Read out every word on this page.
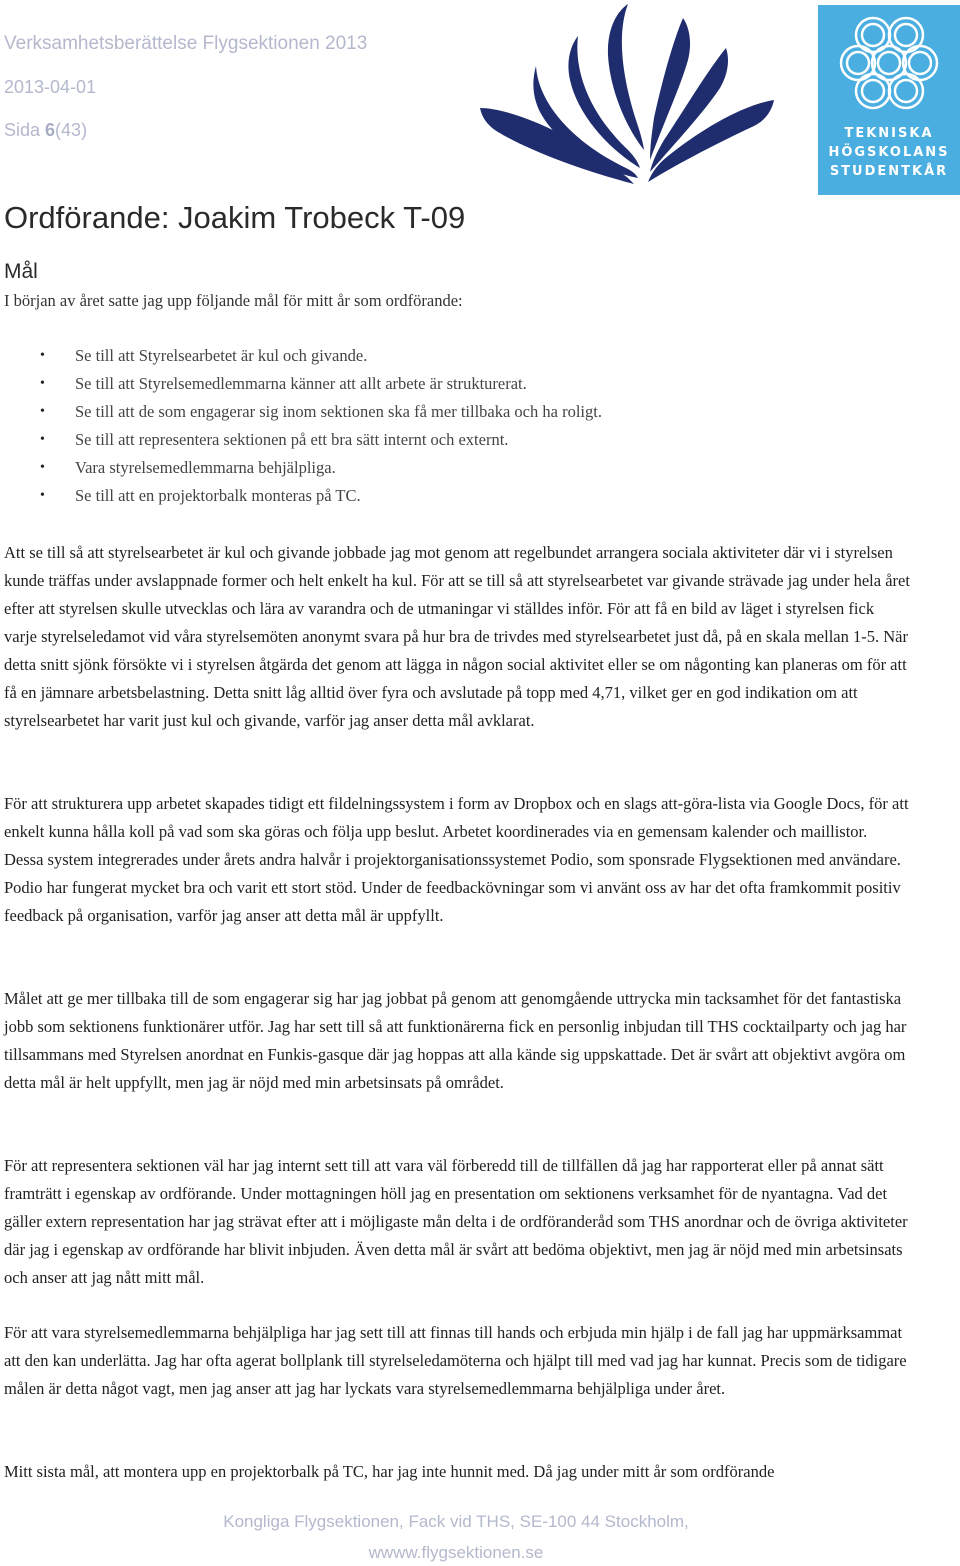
Verksamhetsberättelse Flygsektionen 2013
2013-04-01
Sida 6(43)	TEKNISKA
HÖGSKOLANS
STUDENTKÅR
Ordförande: Joakim Trobeck T-09
Mål
I början av året satte jag upp följande mål för mitt år som ordförande:
• Se till att Styrelsearbetet är kul och givande.
• Se till att Styrelsemedlemmarna känner att allt arbete är strukturerat.
• Se till att de som engagerar sig inom sektionen ska få mer tillbaka och ha roligt.
• Se till att representera sektionen på ett bra sätt internt och externt.
• Vara styrelsemedlemmarna behjälpliga.
• Se till att en projektorbalk monteras på TC.

Att se till så att styrelsearbetet är kul och givande jobbade jag mot genom att regelbundet arrangera sociala aktiviteter där vi i styrelsen kunde träffas under avslappnade former och helt enkelt ha kul. För att se till så att styrelsearbetet var givande strävade jag under hela året efter att styrelsen skulle utvecklas och lära av varandra och de utmaningar vi ställdes inför. För att få en bild av läget i styrelsen fick varje styrelseledamot vid våra styrelsemöten anonymt svara på hur bra de trivdes med styrelsearbetet just då, på en skala mellan 1-5. När detta snitt sjönk försökte vi i styrelsen åtgärda det genom att lägga in någon social aktivitet eller se om någonting kan planeras om för att få en jämnare arbetsbelastning. Detta snitt låg alltid över fyra och avslutade på topp med 4,71, vilket ger en god indikation om att styrelsearbetet har varit just kul och givande, varför jag anser detta mål avklarat.

För att strukturera upp arbetet skapades tidigt ett fildelningssystem i form av Dropbox och en slags att-göra-lista via Google Docs, för att enkelt kunna hålla koll på vad som ska göras och följa upp beslut. Arbetet koordinerades via en gemensam kalender och maillistor. Dessa system integrerades under årets andra halvår i projektorganisationssystemet Podio, som sponsrade Flygsektionen med användare. Podio har fungerat mycket bra och varit ett stort stöd. Under de feedbackövningar som vi använt oss av har det ofta framkommit positiv feedback på organisation, varför jag anser att detta mål är uppfyllt.

Målet att ge mer tillbaka till de som engagerar sig har jag jobbat på genom att genomgående uttrycka min tacksamhet för det fantastiska jobb som sektionens funktionärer utför. Jag har sett till så att funktionärerna fick en personlig inbjudan till THS cocktailparty och jag har tillsammans med Styrelsen anordnat en Funkis-gasque där jag hoppas att alla kände sig uppskattade. Det är svårt att objektivt avgöra om detta mål är helt uppfyllt, men jag är nöjd med min arbetsinsats på området.

För att representera sektionen väl har jag internt sett till att vara väl förberedd till de tillfällen då jag har rapporterat eller på annat sätt framträtt i egenskap av ordförande. Under mottagningen höll jag en presentation om sektionens verksamhet för de nyantagna. Vad det gäller extern representation har jag strävat efter att i möjligaste mån delta i de ordföranderåd som THS anordnar och de övriga aktiviteter där jag i egenskap av ordförande har blivit inbjuden. Även detta mål är svårt att bedöma objektivt, men jag är nöjd med min arbetsinsats och anser att jag nått mitt mål.

För att vara styrelsemedlemmarna behjälpliga har jag sett till att finnas till hands och erbjuda min hjälp i de fall jag har uppmärksammat att den kan underlätta. Jag har ofta agerat bollplank till styrelseledamöterna och hjälpt till med vad jag har kunnat. Precis som de tidigare målen är detta något vagt, men jag anser att jag har lyckats vara styrelsemedlemmarna behjälpliga under året.

Mitt sista mål, att montera upp en projektorbalk på TC, har jag inte hunnit med. Då jag under mitt år som ordförande

Kongliga Flygsektionen, Fack vid THS, SE-100 44 Stockholm,
wwww.flygsektionen.se
